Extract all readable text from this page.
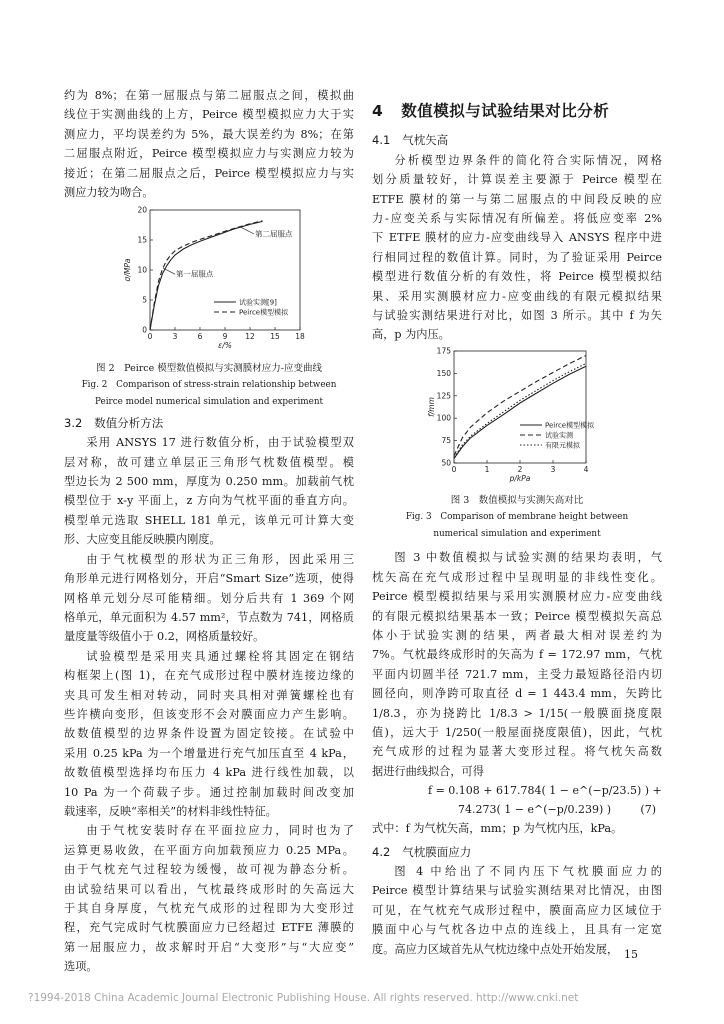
约为 8%；在第一屈服点与第二屈服点之间，模拟曲
线位于实测曲线的上方，Peirce 模型模拟应力大于实
测应力，平均误差约为 5%，最大误差约为 8%；在第
二屈服点附近，Peirce 模型模拟应力与实测应力较为
接近；在第二屈服点之后，Peirce 模型模拟应力与实
测应力较为吻合。
0	3	6	9 12 15 18
0
5
10
15
20
ε/%
σ/MPa
试验实测[9]
Peirce模型模拟
第一屈服点
第二屈服点

图 2　Peirce 模型数值模拟与实测膜材应力-应变曲线

Fig. 2　Comparison of stress-strain relationship between

Peirce model numerical simulation and experiment

3.2 数值分析方法
采用 ANSYS 17 进行数值分析，由于试验模型双
层对称，故可建立单层正三角形气枕数值模型。模
型边长为 2 500 mm，厚度为 0.250 mm。加载前气枕
模型位于 x-y 平面上，z 方向为气枕平面的垂直方向。
模型单元选取 SHELL 181 单元，该单元可计算大变
形、大应变且能反映膜内刚度。
由于气枕模型的形状为正三角形，因此采用三
角形单元进行网格划分，开启“Smart Size”选项，使得
网格单元划分尽可能精细。划分后共有 1 369 个网
格单元，单元面积为 4.57 mm²，节点数为 741，网格质
量度量等级值小于 0.2，网格质量较好。
试验模型是采用夹具通过螺栓将其固定在钢结
构框架上(图 1)，在充气成形过程中膜材连接边缘的
夹具可发生相对转动，同时夹具相对弹簧螺栓也有
些许横向变形，但该变形不会对膜面应力产生影响。
故数值模型的边界条件设置为固定铰接。在试验中
采用 0.25 kPa 为一个增量进行充气加压直至 4 kPa，
故数值模型选择均布压力 4 kPa 进行线性加载，以
10 Pa 为一个荷载子步。通过控制加载时间改变加
载速率，反映“率相关”的材料非线性特征。
由于气枕安装时存在平面拉应力，同时也为了
运算更易收敛，在平面方向加载预应力 0.25 MPa。
由于气枕充气过程较为缓慢，故可视为静态分析。
由试验结果可以看出，气枕最终成形时的矢高远大
于其自身厚度，气枕充气成形的过程即为大变形过
程，充气完成时气枕膜面应力已经超过 ETFE 薄膜的
第一屈服应力，故求解时开启“大变形”与“大应变”
选项。
4 数值模拟与试验结果对比分析
4.1 气枕矢高
分析模型边界条件的简化符合实际情况，网格
划分质量较好，计算误差主要源于 Peirce 模型在
ETFE 膜材的第一与第二屈服点的中间段反映的应
力-应变关系与实际情况有所偏差。将低应变率 2%
下 ETFE 膜材的应力-应变曲线导入 ANSYS 程序中进
行相同过程的数值计算。同时，为了验证采用 Peirce
模型进行数值分析的有效性，将 Peirce 模型模拟结
果、采用实测膜材应力-应变曲线的有限元模拟结果
与试验实测结果进行对比，如图 3 所示。其中 f 为矢
高，p 为内压。
0	1	2	3	4
50
75
100
125
150
175
p/kPa
f/mm
Peirce模型模拟
试验实测
有限元模拟

图 3　数值模拟与实测矢高对比

Fig. 3　Comparison of membrane height between

numerical simulation and experiment

图 3 中数值模拟与试验实测的结果均表明，气
枕矢高在充气成形过程中呈现明显的非线性变化。
Peirce 模型模拟结果与采用实测膜材应力-应变曲线
的有限元模拟结果基本一致；Peirce 模型模拟矢高总
体小于试验实测的结果，两者最大相对误差约为
7%。气枕最终成形时的矢高为 f = 172.97 mm，气枕
平面内切圆半径 721.7 mm，主受力最短路径沿内切
圆径向，则净跨可取直径 d = 1 443.4 mm，矢跨比
1/8.3，亦为挠跨比 1/8.3 > 1/15(一般膜面挠度限
值)，远大于 1/250(一般屋面挠度限值)，因此，气枕
充气成形的过程为显著大变形过程。将气枕矢高数
据进行曲线拟合，可得
f = 0.108 + 617.784( 1 − e^(−p/23.5) ) +
74.273( 1 − e^(−p/0.239) )	(7)

式中：f 为气枕矢高，mm；p 为气枕内压，kPa。

4.2 气枕膜面应力
图 4 中给出了不同内压下气枕膜面应力的
Peirce 模型计算结果与试验实测结果对比情况，由图
可见，在气枕充气成形过程中，膜面高应力区域位于
膜面中心与气枕各边中点的连线上，且具有一定宽
度。高应力区域首先从气枕边缘中点处开始发展， 15
?1994-2018 China Academic Journal Electronic Publishing House. All rights reserved. http://www.cnki.net
